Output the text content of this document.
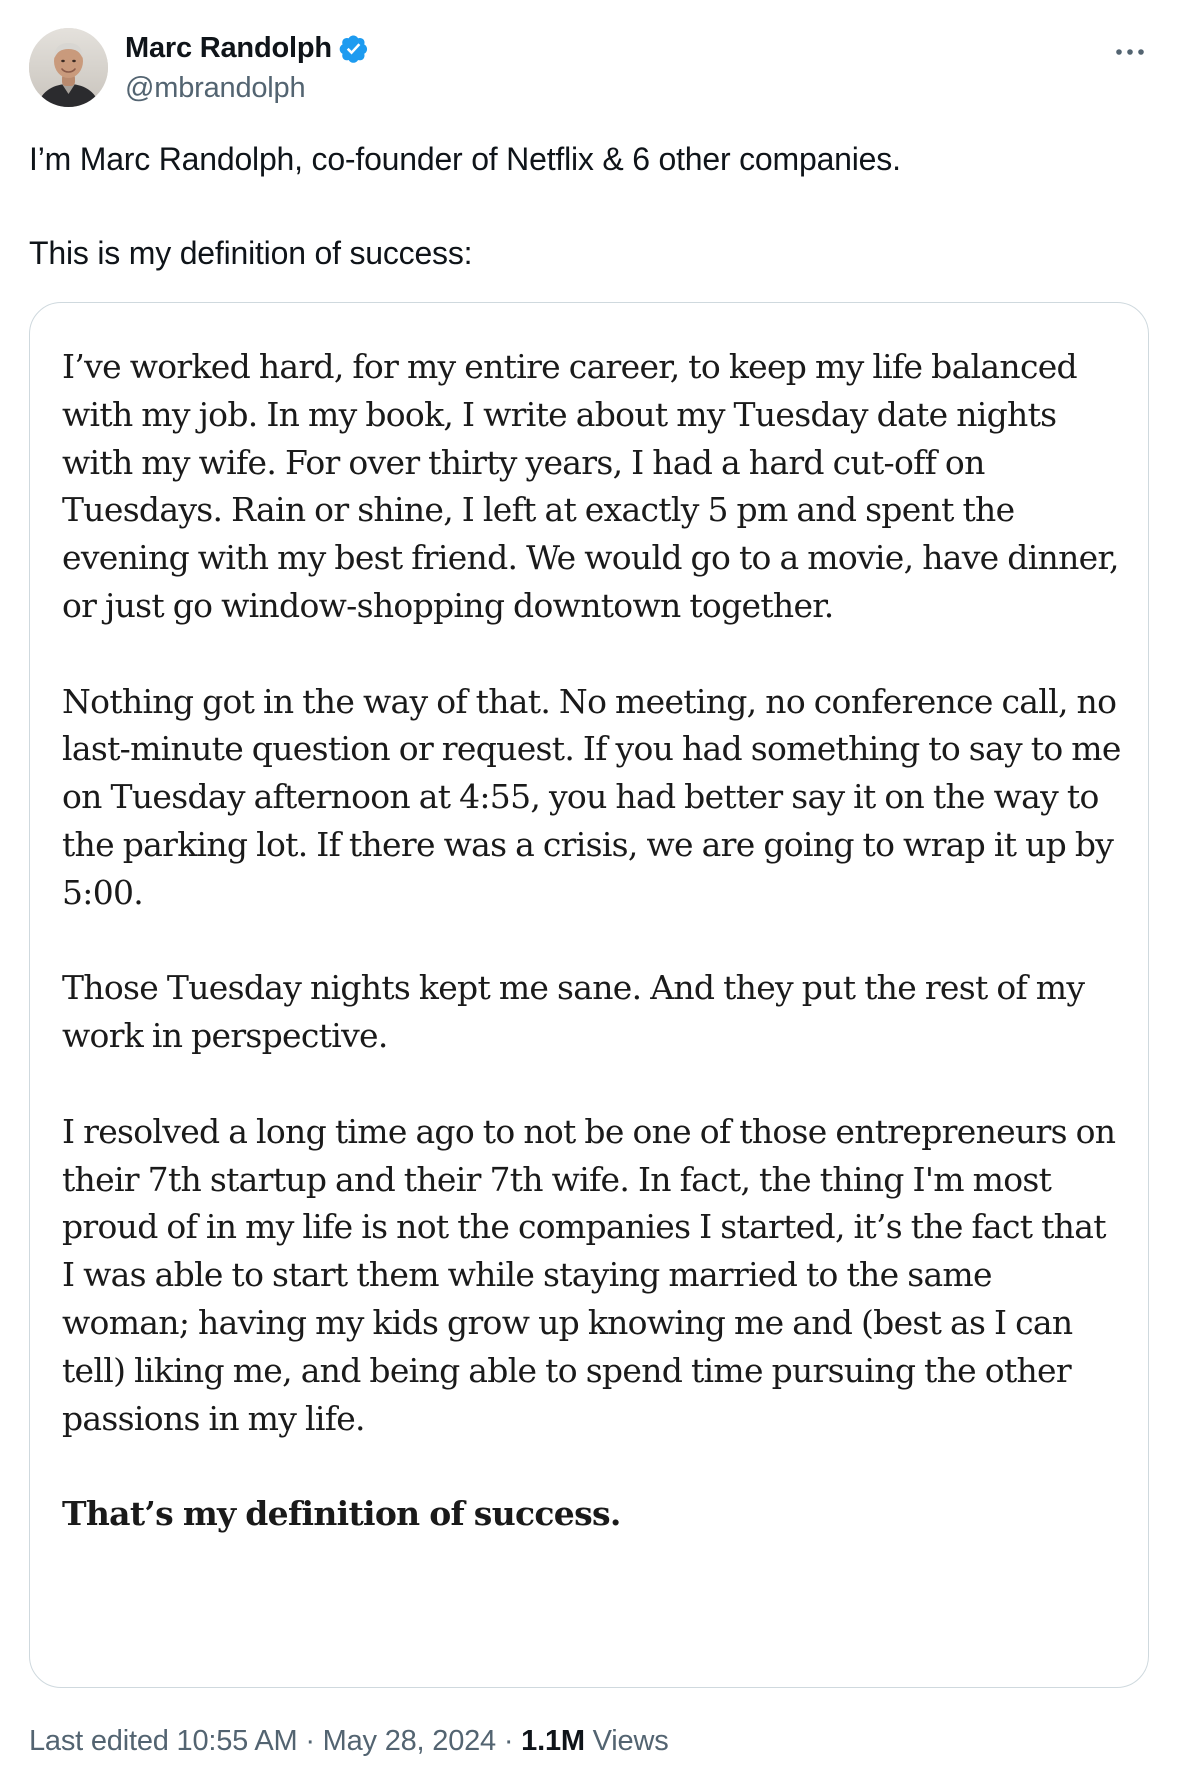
Marc Randolph
@mbrandolph

I’m Marc Randolph, co-founder of Netflix & 6 other companies.

This is my definition of success:

I’ve worked hard, for my entire career, to keep my life balanced with my job. In my book, I write about my Tuesday date nights with my wife. For over thirty years, I had a hard cut-off on Tuesdays. Rain or shine, I left at exactly 5 pm and spent the evening with my best friend. We would go to a movie, have dinner, or just go window-shopping downtown together.

Nothing got in the way of that. No meeting, no conference call, no last-minute question or request. If you had something to say to me on Tuesday afternoon at 4:55, you had better say it on the way to the parking lot. If there was a crisis, we are going to wrap it up by 5:00.

Those Tuesday nights kept me sane. And they put the rest of my work in perspective.

I resolved a long time ago to not be one of those entrepreneurs on their 7th startup and their 7th wife. In fact, the thing I'm most proud of in my life is not the companies I started, it’s the fact that I was able to start them while staying married to the same woman; having my kids grow up knowing me and (best as I can tell) liking me, and being able to spend time pursuing the other passions in my life.

That’s my definition of success.

Last edited 10:55 AM · May 28, 2024 · 1.1M Views
